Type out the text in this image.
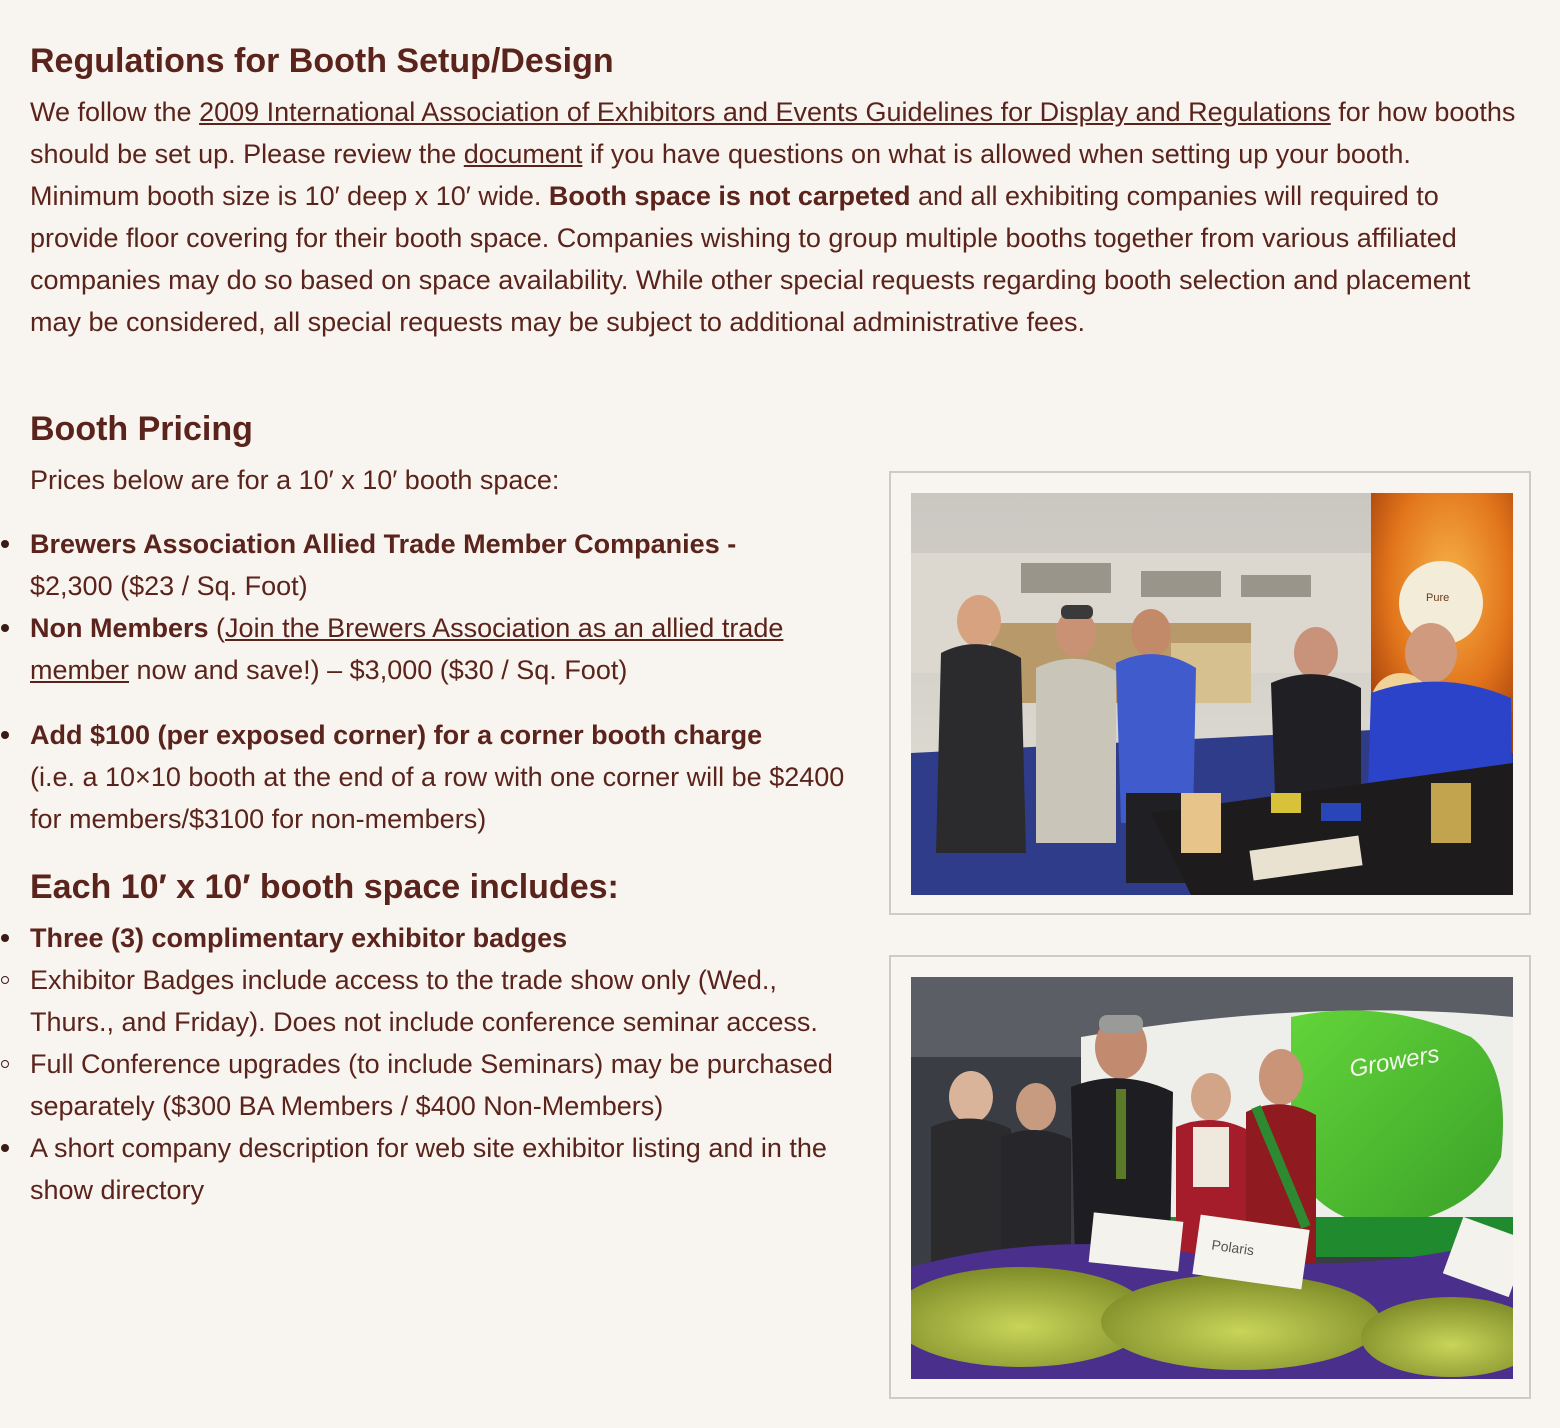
Regulations for Booth Setup/Design

We follow the 2009 International Association of Exhibitors and Events Guidelines for Display and Regulations for how booths should be set up. Please review the document if you have questions on what is allowed when setting up your booth. Minimum booth size is 10′ deep x 10′ wide. Booth space is not carpeted and all exhibiting companies will required to provide floor covering for their booth space. Companies wishing to group multiple booths together from various affiliated companies may do so based on space availability. While other special requests regarding booth selection and placement may be considered, all special requests may be subject to additional administrative fees.

Booth Pricing

Prices below are for a 10′ x 10′ booth space:

Brewers Association Allied Trade Member Companies -
$2,300 ($23 / Sq. Foot)
Non Members (Join the Brewers Association as an allied trade member now and save!) – $3,000 ($30 / Sq. Foot)
Add $100 (per exposed corner) for a corner booth charge
(i.e. a 10×10 booth at the end of a row with one corner will be $2400 for members/$3100 for non-members)
Each 10′ x 10′ booth space includes:
Three (3) complimentary exhibitor badges
Exhibitor Badges include access to the trade show only (Wed., Thurs., and Friday). Does not include conference seminar access.
Full Conference upgrades (to include Seminars) may be purchased separately ($300 BA Members / $400 Non-Members)
A short company description for web site exhibitor listing and in the show directory
Pure
Growers
Polaris
